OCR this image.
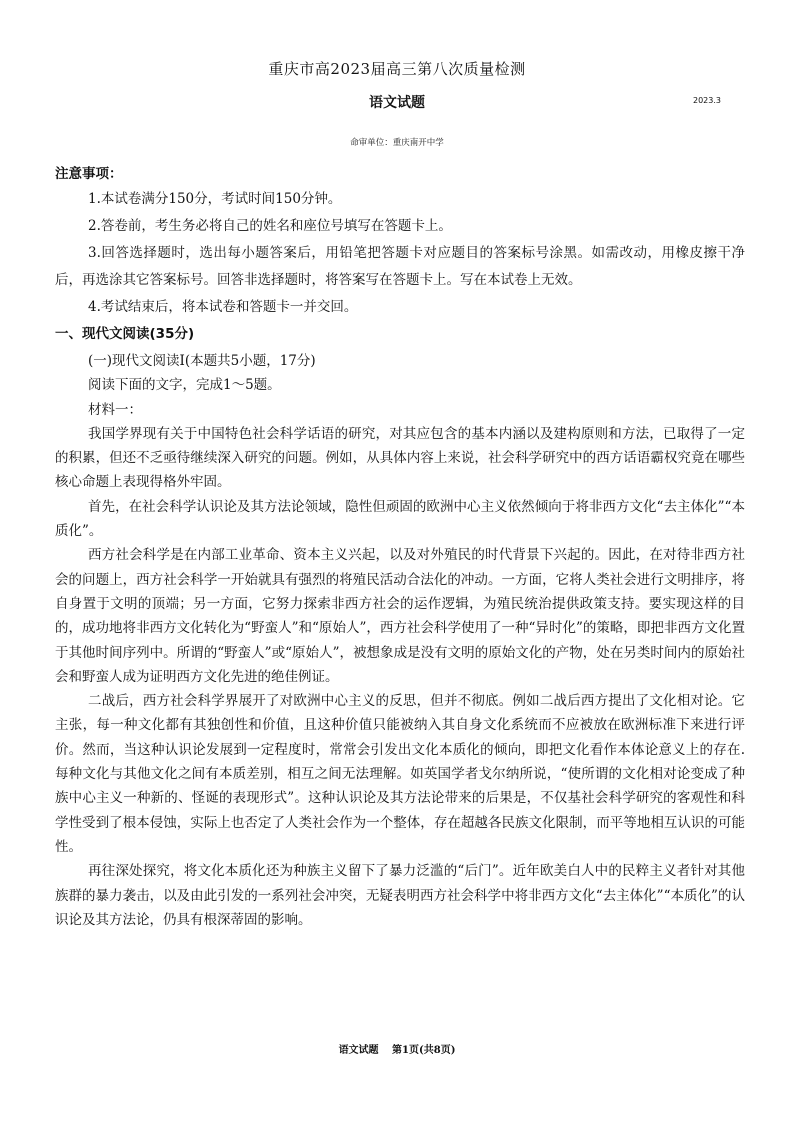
重庆市高2023届高三第八次质量检测
语文试题	2023.3
命审单位：重庆南开中学
注意事项：

1.本试卷满分150分，考试时间150分钟。

2.答卷前，考生务必将自己的姓名和座位号填写在答题卡上。

3.回答选择题时，选出每小题答案后，用铅笔把答题卡对应题目的答案标号涂黑。如需改动，用橡皮擦干净后，再选涂其它答案标号。回答非选择题时，将答案写在答题卡上。写在本试卷上无效。

4.考试结束后，将本试卷和答题卡一并交回。

一、现代文阅读(35分)

(一)现代文阅读I(本题共5小题，17分)

阅读下面的文字，完成1～5题。

材料一：

我国学界现有关于中国特色社会科学话语的研究，对其应包含的基本内涵以及建构原则和方法，已取得了一定的积累，但还不乏亟待继续深入研究的问题。例如，从具体内容上来说，社会科学研究中的西方话语霸权究竟在哪些核心命题上表现得格外牢固。

首先，在社会科学认识论及其方法论领域，隐性但顽固的欧洲中心主义依然倾向于将非西方文化“去主体化”“本质化”。

西方社会科学是在内部工业革命、资本主义兴起，以及对外殖民的时代背景下兴起的。因此，在对待非西方社会的问题上，西方社会科学一开始就具有强烈的将殖民活动合法化的冲动。一方面，它将人类社会进行文明排序，将自身置于文明的顶端；另一方面，它努力探索非西方社会的运作逻辑，为殖民统治提供政策支持。要实现这样的目的，成功地将非西方文化转化为“野蛮人”和“原始人”，西方社会科学使用了一种“异时化”的策略，即把非西方文化置于其他时间序列中。所谓的“野蛮人”或“原始人”，被想象成是没有文明的原始文化的产物，处在另类时间内的原始社会和野蛮人成为证明西方文化先进的绝佳例证。

二战后，西方社会科学界展开了对欧洲中心主义的反思，但并不彻底。例如二战后西方提出了文化相对论。它主张，每一种文化都有其独创性和价值，且这种价值只能被纳入其自身文化系统而不应被放在欧洲标准下来进行评价。然而，当这种认识论发展到一定程度时，常常会引发出文化本质化的倾向，即把文化看作本体论意义上的存在.每种文化与其他文化之间有本质差别，相互之间无法理解。如英国学者戈尔纳所说，“使所谓的文化相对论变成了种族中心主义一种新的、怪诞的表现形式”。这种认识论及其方法论带来的后果是，不仅基社会科学研究的客观性和科学性受到了根本侵蚀，实际上也否定了人类社会作为一个整体，存在超越各民族文化限制，而平等地相互认识的可能性。

再往深处探究，将文化本质化还为种族主义留下了暴力泛滥的“后门”。近年欧美白人中的民粹主义者针对其他族群的暴力袭击，以及由此引发的一系列社会冲突，无疑表明西方社会科学中将非西方文化“去主体化”“本质化”的认识论及其方法论，仍具有根深蒂固的影响。

语文试题　 第1页(共8页)
